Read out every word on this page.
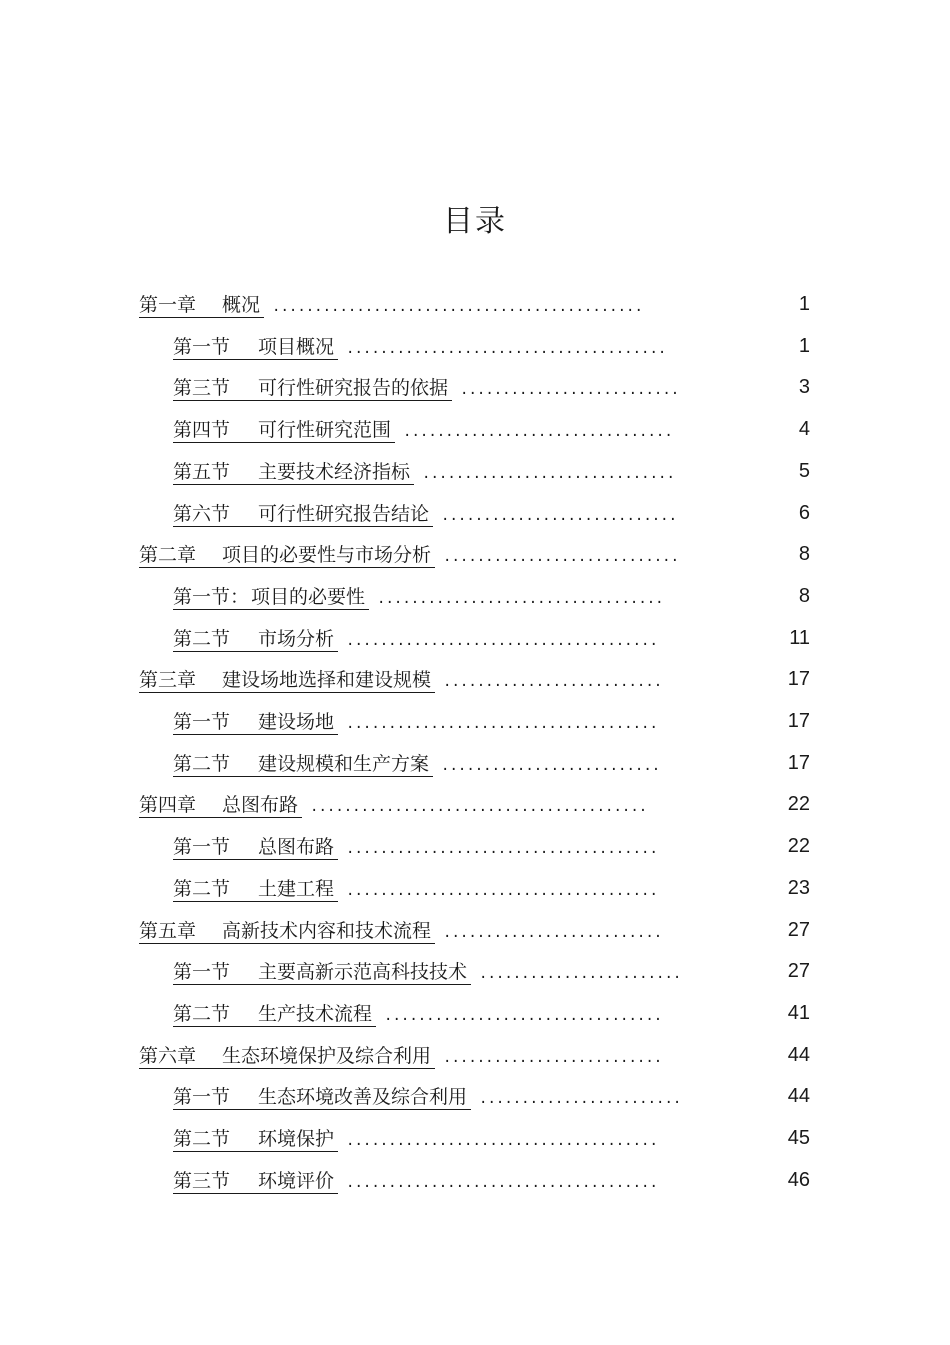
目录
第一章 概况 ............................................	1
第一节 项目概况 ......................................	1
第三节 可行性研究报告的依据 ..........................	3
第四节 可行性研究范围 ................................	4
第五节 主要技术经济指标 ..............................	5
第六节 可行性研究报告结论 ............................	6
第二章 项目的必要性与市场分析 ............................	8
第一节： 项目的必要性 ..................................	8
第二节 市场分析 .....................................	11
第三章 建设场地选择和建设规模 ..........................	17
第一节 建设场地 .....................................	17
第二节 建设规模和生产方案 ..........................	17
第四章 总图布路 ........................................	22
第一节 总图布路 .....................................	22
第二节 土建工程 .....................................	23
第五章 高新技术内容和技术流程 ..........................	27
第一节 主要高新示范高科技技术 ........................	27
第二节 生产技术流程 .................................	41
第六章 生态环境保护及综合利用 ..........................	44
第一节 生态环境改善及综合利用 ........................	44
第二节 环境保护 .....................................	45
第三节 环境评价 .....................................	46
